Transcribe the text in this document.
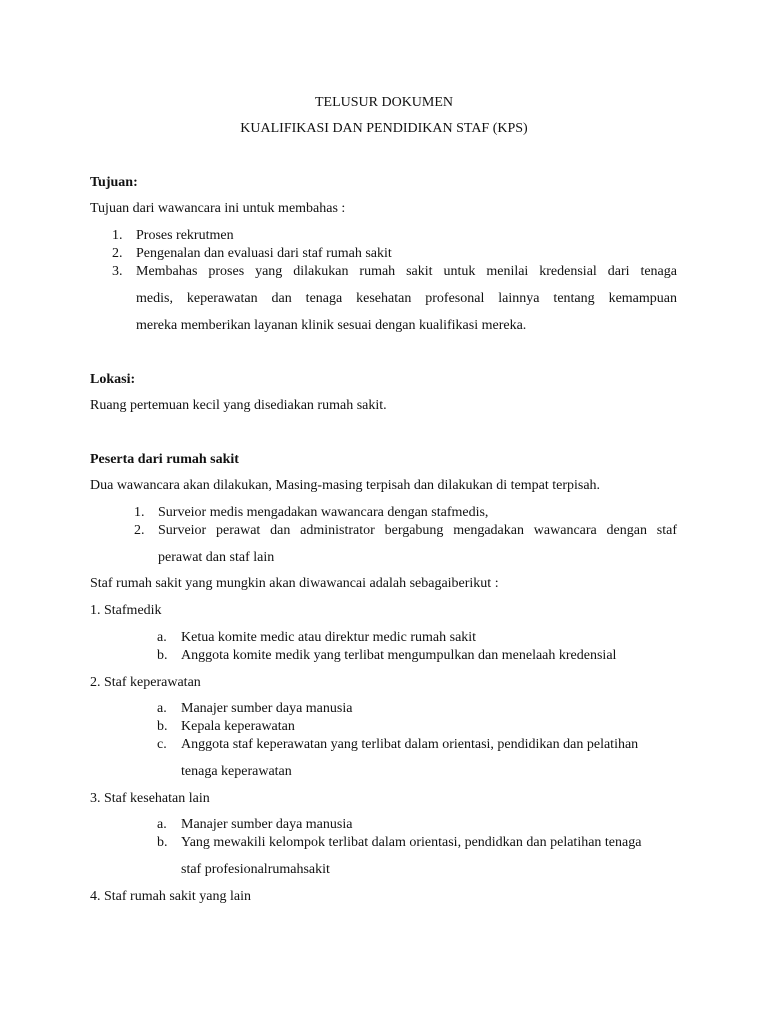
TELUSUR DOKUMEN
KUALIFIKASI DAN PENDIDIKAN STAF (KPS)
Tujuan:
Tujuan dari wawancara ini untuk membahas :
1. Proses rekrutmen
2. Pengenalan dan evaluasi dari staf rumah sakit
3. Membahas proses yang dilakukan rumah sakit untuk menilai kredensial dari tenaga
medis, keperawatan dan tenaga kesehatan profesonal lainnya tentang kemampuan
mereka memberikan layanan klinik sesuai dengan kualifikasi mereka.
Lokasi:
Ruang pertemuan kecil yang disediakan rumah sakit.
Peserta dari rumah sakit
Dua wawancara akan dilakukan, Masing-masing terpisah dan dilakukan di tempat terpisah.
1. Surveior medis mengadakan wawancara dengan stafmedis,
2. Surveior perawat dan administrator bergabung mengadakan wawancara dengan staf
perawat dan staf lain
Staf rumah sakit yang mungkin akan diwawancai adalah sebagaiberikut :
1. Stafmedik
a. Ketua komite medic atau direktur medic rumah sakit
b. Anggota komite medik yang terlibat mengumpulkan dan menelaah kredensial
2. Staf keperawatan
a. Manajer sumber daya manusia
b. Kepala keperawatan
c. Anggota staf keperawatan yang terlibat dalam orientasi, pendidikan dan pelatihan
tenaga keperawatan
3. Staf kesehatan lain
a. Manajer sumber daya manusia
b. Yang mewakili kelompok terlibat dalam orientasi, pendidkan dan pelatihan tenaga
staf profesionalrumahsakit
4. Staf rumah sakit yang lain
